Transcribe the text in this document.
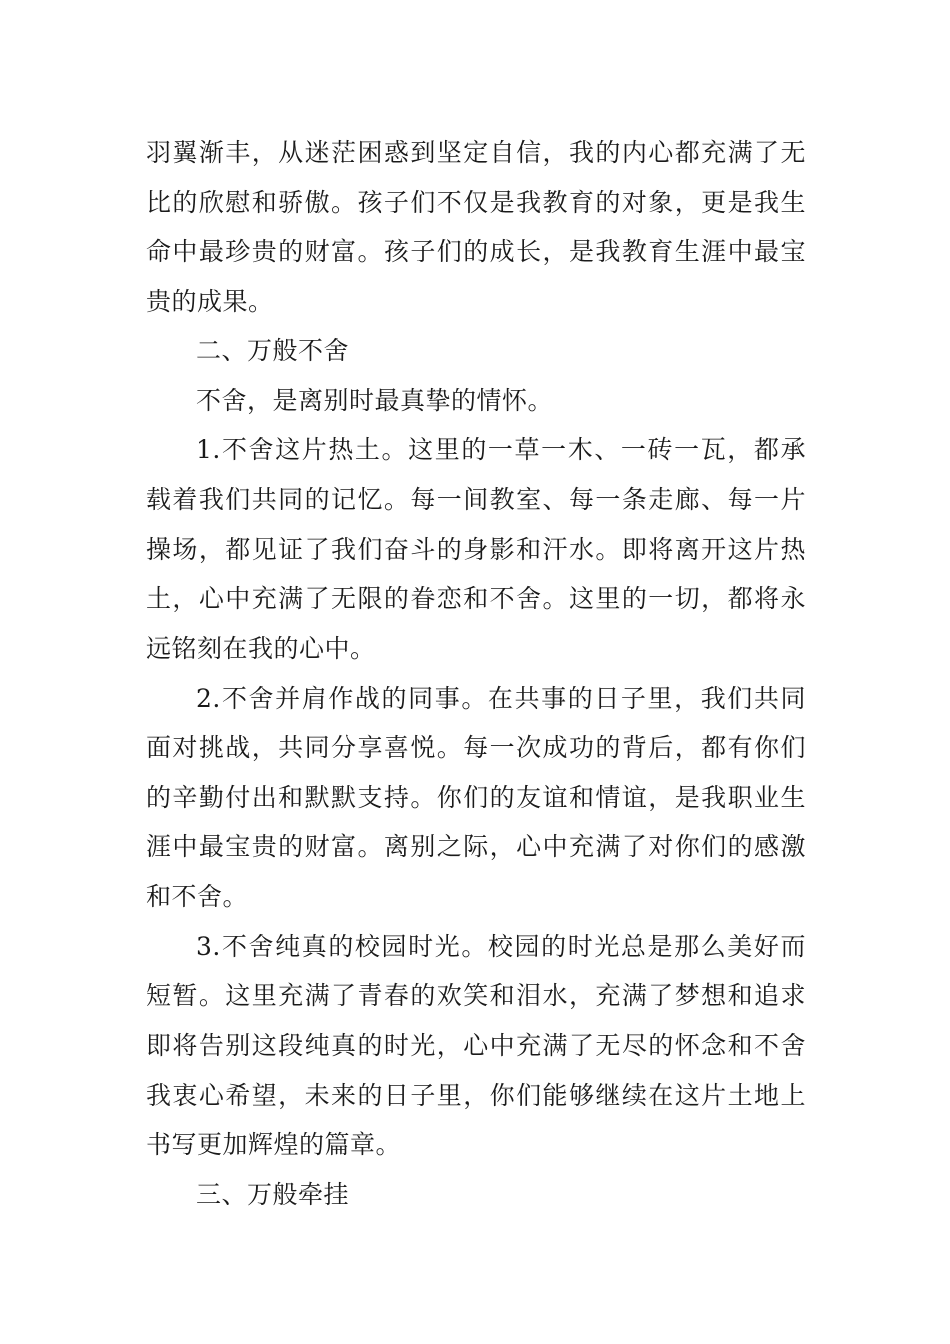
羽翼渐丰，从迷茫困惑到坚定自信，我的内心都充满了无
比的欣慰和骄傲。孩子们不仅是我教育的对象，更是我生
命中最珍贵的财富。孩子们的成长，是我教育生涯中最宝
贵的成果。
二、万般不舍
不舍，是离别时最真挚的情怀。
1.不舍这片热土。这里的一草一木、一砖一瓦，都承
载着我们共同的记忆。每一间教室、每一条走廊、每一片
操场，都见证了我们奋斗的身影和汗水。即将离开这片热
土，心中充满了无限的眷恋和不舍。这里的一切，都将永
远铭刻在我的心中。
2.不舍并肩作战的同事。在共事的日子里，我们共同
面对挑战，共同分享喜悦。每一次成功的背后，都有你们
的辛勤付出和默默支持。你们的友谊和情谊，是我职业生
涯中最宝贵的财富。离别之际，心中充满了对你们的感激
和不舍。
3.不舍纯真的校园时光。校园的时光总是那么美好而
短暂。这里充满了青春的欢笑和泪水，充满了梦想和追求
即将告别这段纯真的时光，心中充满了无尽的怀念和不舍
我衷心希望，未来的日子里，你们能够继续在这片土地上
书写更加辉煌的篇章。
三、万般牵挂
